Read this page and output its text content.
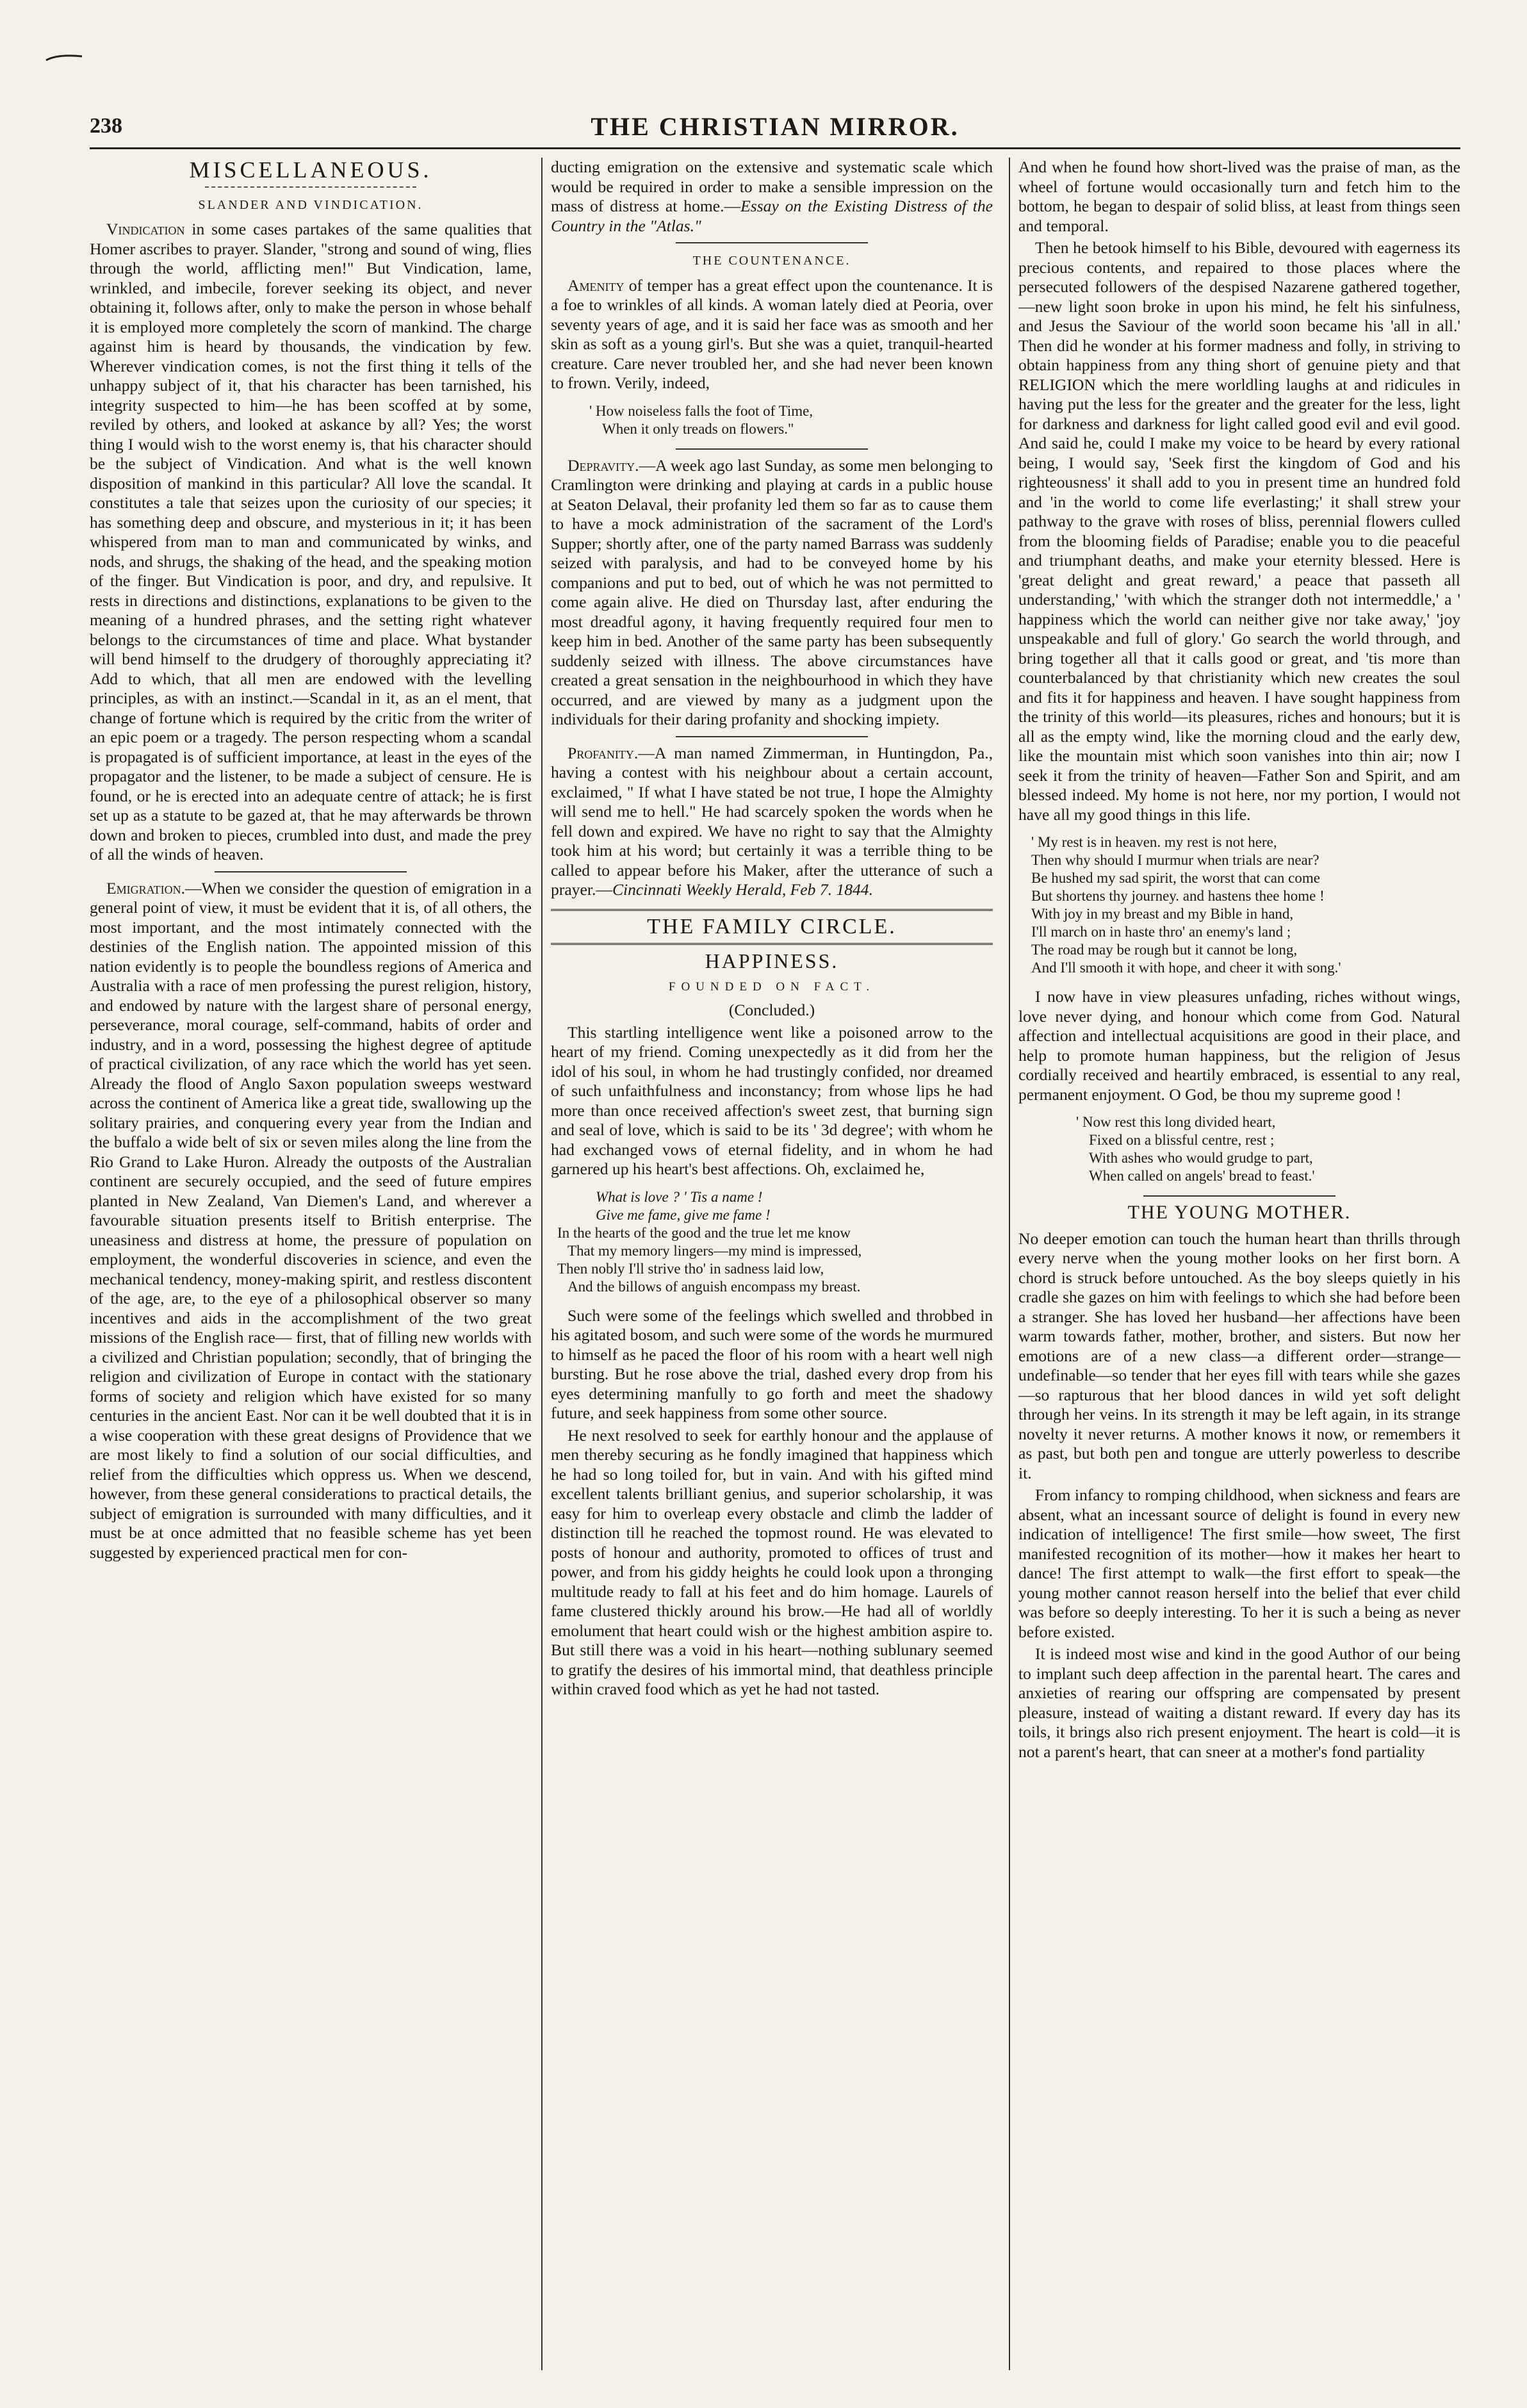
238	THE CHRISTIAN MIRROR.
MISCELLANEOUS.
SLANDER AND VINDICATION.

Vindication in some cases partakes of the same qualities that Homer ascribes to prayer. Slander, "strong and sound of wing, flies through the world, afflicting men!" But Vindication, lame, wrinkled, and imbecile, forever seeking its object, and never obtaining it, follows after, only to make the person in whose behalf it is employed more completely the scorn of mankind. The charge against him is heard by thousands, the vindication by few. Wherever vindication comes, is not the first thing it tells of the unhappy subject of it, that his character has been tarnished, his integrity suspected to him—he has been scoffed at by some, reviled by others, and looked at askance by all? Yes; the worst thing I would wish to the worst enemy is, that his character should be the subject of Vindication. And what is the well known disposition of mankind in this particular? All love the scandal. It constitutes a tale that seizes upon the curiosity of our species; it has something deep and obscure, and mysterious in it; it has been whispered from man to man and communicated by winks, and nods, and shrugs, the shaking of the head, and the speaking motion of the finger. But Vindication is poor, and dry, and repulsive. It rests in directions and distinctions, explanations to be given to the meaning of a hundred phrases, and the setting right whatever belongs to the circumstances of time and place. What bystander will bend himself to the drudgery of thoroughly appreciating it? Add to which, that all men are endowed with the levelling principles, as with an instinct.—Scandal in it, as an el ment, that change of fortune which is required by the critic from the writer of an epic poem or a tragedy. The person respecting whom a scandal is propagated is of sufficient importance, at least in the eyes of the propagator and the listener, to be made a subject of censure. He is found, or he is erected into an adequate centre of attack; he is first set up as a statute to be gazed at, that he may afterwards be thrown down and broken to pieces, crumbled into dust, and made the prey of all the winds of heaven.

Emigration.—When we consider the question of emigration in a general point of view, it must be evident that it is, of all others, the most important, and the most intimately connected with the destinies of the English nation. The appointed mission of this nation evidently is to people the boundless regions of America and Australia with a race of men professing the purest religion, history, and endowed by nature with the largest share of personal energy, perseverance, moral courage, self-command, habits of order and industry, and in a word, possessing the highest degree of aptitude of practical civilization, of any race which the world has yet seen. Already the flood of Anglo Saxon population sweeps westward across the continent of America like a great tide, swallowing up the solitary prairies, and conquering every year from the Indian and the buffalo a wide belt of six or seven miles along the line from the Rio Grand to Lake Huron. Already the outposts of the Australian continent are securely occupied, and the seed of future empires planted in New Zealand, Van Diemen's Land, and wherever a favourable situation presents itself to British enterprise. The uneasiness and distress at home, the pressure of population on employment, the wonderful discoveries in science, and even the mechanical tendency, money-making spirit, and restless discontent of the age, are, to the eye of a philosophical observer so many incentives and aids in the accomplishment of the two great missions of the English race— first, that of filling new worlds with a civilized and Christian population; secondly, that of bringing the religion and civilization of Europe in contact with the stationary forms of society and religion which have existed for so many centuries in the ancient East. Nor can it be well doubted that it is in a wise cooperation with these great designs of Providence that we are most likely to find a solution of our social difficulties, and relief from the difficulties which oppress us. When we descend, however, from these general considerations to practical details, the subject of emigration is surrounded with many difficulties, and it must be at once admitted that no feasible scheme has yet been suggested by experienced practical men for con-

ducting emigration on the extensive and systematic scale which would be required in order to make a sensible impression on the mass of distress at home.—Essay on the Existing Distress of the Country in the "Atlas."

THE COUNTENANCE.

Amenity of temper has a great effect upon the countenance. It is a foe to wrinkles of all kinds. A woman lately died at Peoria, over seventy years of age, and it is said her face was as smooth and her skin as soft as a young girl's. But she was a quiet, tranquil-hearted creature. Care never troubled her, and she had never been known to frown. Verily, indeed,

' How noiseless falls the foot of Time,
When it only treads on flowers."

Depravity.—A week ago last Sunday, as some men belonging to Cramlington were drinking and playing at cards in a public house at Seaton Delaval, their profanity led them so far as to cause them to have a mock administration of the sacrament of the Lord's Supper; shortly after, one of the party named Barrass was suddenly seized with paralysis, and had to be conveyed home by his companions and put to bed, out of which he was not permitted to come again alive. He died on Thursday last, after enduring the most dreadful agony, it having frequently required four men to keep him in bed. Another of the same party has been subsequently suddenly seized with illness. The above circumstances have created a great sensation in the neighbourhood in which they have occurred, and are viewed by many as a judgment upon the individuals for their daring profanity and shocking impiety.

Profanity.—A man named Zimmerman, in Huntingdon, Pa., having a contest with his neighbour about a certain account, exclaimed, " If what I have stated be not true, I hope the Almighty will send me to hell." He had scarcely spoken the words when he fell down and expired. We have no right to say that the Almighty took him at his word; but certainly it was a terrible thing to be called to appear before his Maker, after the utterance of such a prayer.—Cincinnati Weekly Herald, Feb 7. 1844.

THE FAMILY CIRCLE.
HAPPINESS.
FOUNDED ON FACT.
(Concluded.)

This startling intelligence went like a poisoned arrow to the heart of my friend. Coming unexpectedly as it did from her the idol of his soul, in whom he had trustingly confided, nor dreamed of such unfaithfulness and inconstancy; from whose lips he had more than once received affection's sweet zest, that burning sign and seal of love, which is said to be its ' 3d degree'; with whom he had exchanged vows of eternal fidelity, and in whom he had garnered up his heart's best affections. Oh, exclaimed he,

What is love ? ' Tis a name !
Give me fame, give me fame !
In the hearts of the good and the true let me know
That my memory lingers—my mind is impressed,
Then nobly I'll strive tho' in sadness laid low,
And the billows of anguish encompass my breast.

Such were some of the feelings which swelled and throbbed in his agitated bosom, and such were some of the words he murmured to himself as he paced the floor of his room with a heart well nigh bursting. But he rose above the trial, dashed every drop from his eyes determining manfully to go forth and meet the shadowy future, and seek happiness from some other source.

He next resolved to seek for earthly honour and the applause of men thereby securing as he fondly imagined that happiness which he had so long toiled for, but in vain. And with his gifted mind excellent talents brilliant genius, and superior scholarship, it was easy for him to overleap every obstacle and climb the ladder of distinction till he reached the topmost round. He was elevated to posts of honour and authority, promoted to offices of trust and power, and from his giddy heights he could look upon a thronging multitude ready to fall at his feet and do him homage. Laurels of fame clustered thickly around his brow.—He had all of worldly emolument that heart could wish or the highest ambition aspire to. But still there was a void in his heart—nothing sublunary seemed to gratify the desires of his immortal mind, that deathless principle within craved food which as yet he had not tasted.

And when he found how short-lived was the praise of man, as the wheel of fortune would occasionally turn and fetch him to the bottom, he began to despair of solid bliss, at least from things seen and temporal.

Then he betook himself to his Bible, devoured with eagerness its precious contents, and repaired to those places where the persecuted followers of the despised Nazarene gathered together,—new light soon broke in upon his mind, he felt his sinfulness, and Jesus the Saviour of the world soon became his 'all in all.' Then did he wonder at his former madness and folly, in striving to obtain happiness from any thing short of genuine piety and that RELIGION which the mere worldling laughs at and ridicules in having put the less for the greater and the greater for the less, light for darkness and darkness for light called good evil and evil good. And said he, could I make my voice to be heard by every rational being, I would say, 'Seek first the kingdom of God and his righteousness' it shall add to you in present time an hundred fold and 'in the world to come life everlasting;' it shall strew your pathway to the grave with roses of bliss, perennial flowers culled from the blooming fields of Paradise; enable you to die peaceful and triumphant deaths, and make your eternity blessed. Here is 'great delight and great reward,' a peace that passeth all understanding,' 'with which the stranger doth not intermeddle,' a ' happiness which the world can neither give nor take away,' 'joy unspeakable and full of glory.' Go search the world through, and bring together all that it calls good or great, and 'tis more than counterbalanced by that christianity which new creates the soul and fits it for happiness and heaven. I have sought happiness from the trinity of this world—its pleasures, riches and honours; but it is all as the empty wind, like the morning cloud and the early dew, like the mountain mist which soon vanishes into thin air; now I seek it from the trinity of heaven—Father Son and Spirit, and am blessed indeed. My home is not here, nor my portion, I would not have all my good things in this life.

' My rest is in heaven. my rest is not here,
Then why should I murmur when trials are near?
Be hushed my sad spirit, the worst that can come
But shortens thy journey. and hastens thee home !
With joy in my breast and my Bible in hand,
I'll march on in haste thro' an enemy's land ;
The road may be rough but it cannot be long,
And I'll smooth it with hope, and cheer it with song.'

I now have in view pleasures unfading, riches without wings, love never dying, and honour which come from God. Natural affection and intellectual acquisitions are good in their place, and help to promote human happiness, but the religion of Jesus cordially received and heartily embraced, is essential to any real, permanent enjoyment. O God, be thou my supreme good !

' Now rest this long divided heart,
Fixed on a blissful centre, rest ;
With ashes who would grudge to part,
When called on angels' bread to feast.'
THE YOUNG MOTHER.

No deeper emotion can touch the human heart than thrills through every nerve when the young mother looks on her first born. A chord is struck before untouched. As the boy sleeps quietly in his cradle she gazes on him with feelings to which she had before been a stranger. She has loved her husband—her affections have been warm towards father, mother, brother, and sisters. But now her emotions are of a new class—a different order—strange—undefinable—so tender that her eyes fill with tears while she gazes—so rapturous that her blood dances in wild yet soft delight through her veins. In its strength it may be left again, in its strange novelty it never returns. A mother knows it now, or remembers it as past, but both pen and tongue are utterly powerless to describe it.

From infancy to romping childhood, when sickness and fears are absent, what an incessant source of delight is found in every new indication of intelligence! The first smile—how sweet, The first manifested recognition of its mother—how it makes her heart to dance! The first attempt to walk—the first effort to speak—the young mother cannot reason herself into the belief that ever child was before so deeply interesting. To her it is such a being as never before existed.

It is indeed most wise and kind in the good Author of our being to implant such deep affection in the parental heart. The cares and anxieties of rearing our offspring are compensated by present pleasure, instead of waiting a distant reward. If every day has its toils, it brings also rich present enjoyment. The heart is cold—it is not a parent's heart, that can sneer at a mother's fond partiality
